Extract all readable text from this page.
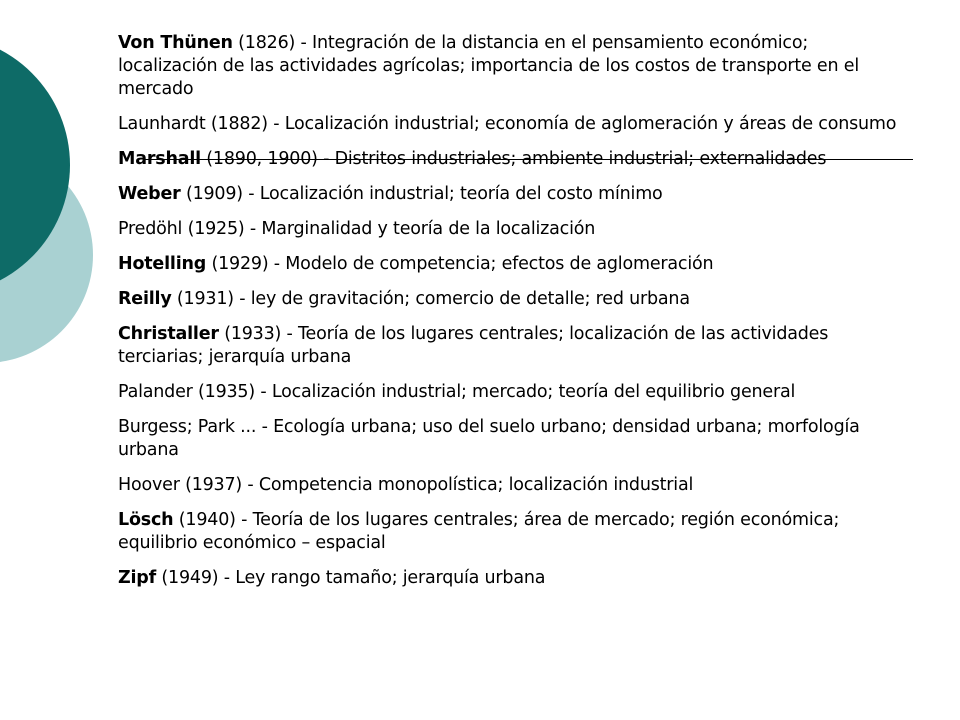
Von Thünen (1826) - Integración de la distancia en el pensamiento económico; localización de las actividades agrícolas; importancia de los costos de transporte en el mercado
Launhardt (1882) - Localización industrial; economía de aglomeración y áreas de consumo
Marshall (1890, 1900) - Distritos industriales; ambiente industrial; externalidades
Weber (1909) - Localización industrial; teoría del costo mínimo
Predöhl (1925) - Marginalidad y teoría de la localización
Hotelling (1929) - Modelo de competencia; efectos de aglomeración
Reilly (1931) - ley de gravitación; comercio de detalle; red urbana
Christaller (1933) - Teoría de los lugares centrales; localización de las actividades terciarias; jerarquía urbana
Palander (1935) - Localización industrial; mercado; teoría del equilibrio general
Burgess; Park ... - Ecología urbana; uso del suelo urbano; densidad urbana; morfología urbana
Hoover (1937) - Competencia monopolística; localización industrial
Lösch (1940) - Teoría de los lugares centrales; área de mercado; región económica; equilibrio económico – espacial
Zipf (1949) - Ley rango tamaño; jerarquía urbana
